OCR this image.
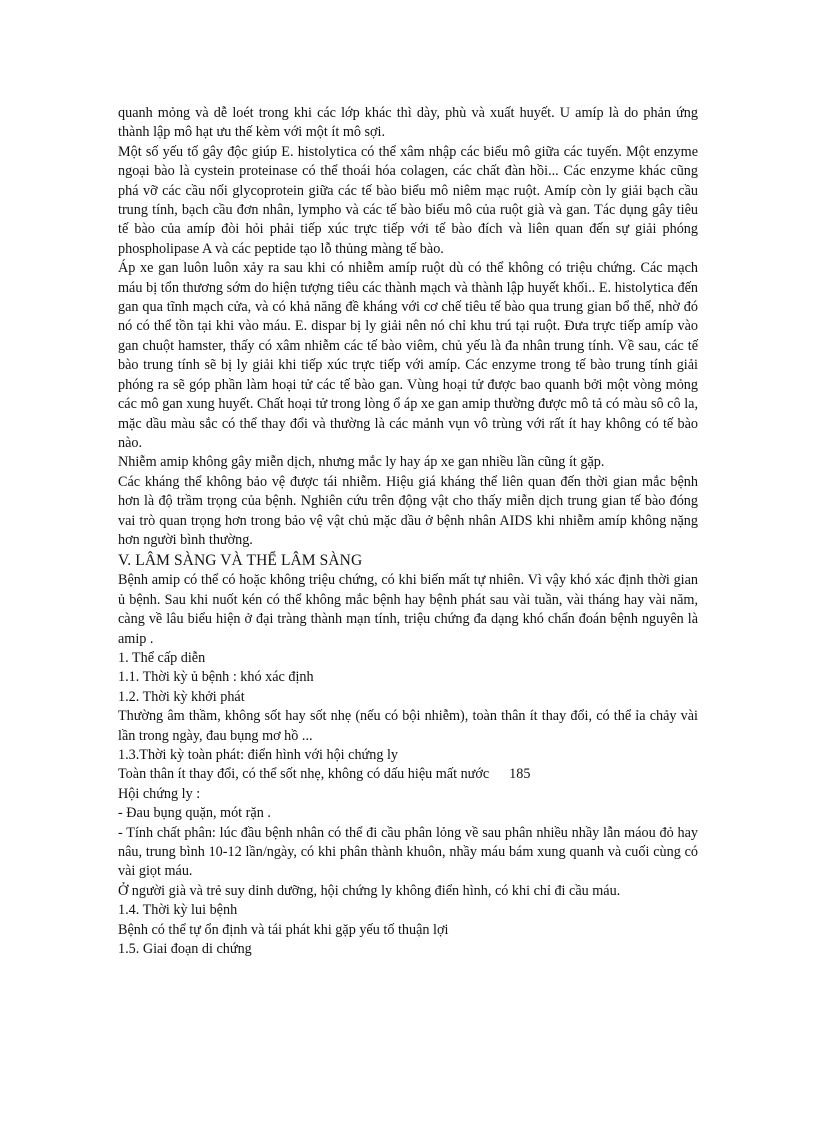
quanh mỏng và dễ loét trong khi các lớp khác thì dày, phù và xuất huyết. U amíp là do phản ứng thành lập mô hạt ưu thế kèm với một ít mô sợi.

Một số yếu tố gây độc giúp E. histolytica có thể xâm nhập các biểu mô giữa các tuyến. Một enzyme ngoại bào là cystein proteinase có thể thoái hóa colagen, các chất đàn hồi... Các enzyme khác cũng phá vỡ các cầu nối glycoprotein giữa các tế bào biểu mô niêm mạc ruột. Amíp còn ly giải bạch cầu trung tính, bạch cầu đơn nhân, lympho và các tế bào biểu mô của ruột già và gan. Tác dụng gây tiêu tế bào của amíp đòi hỏi phải tiếp xúc trực tiếp với tế bào đích và liên quan đến sự giải phóng phospholipase A và các peptide tạo lỗ thủng màng tế bào.

Áp xe gan luôn luôn xảy ra sau khi có nhiễm amíp ruột dù có thể không có triệu chứng. Các mạch máu bị tổn thương sớm do hiện tượng tiêu các thành mạch và thành lập huyết khối.. E. histolytica đến gan qua tĩnh mạch cửa, và có khả năng đề kháng với cơ chế tiêu tế bào qua trung gian bổ thể, nhờ đó nó có thể tồn tại khi vào máu. E. dispar bị ly giải nên nó chỉ khu trú tại ruột. Đưa trực tiếp amíp vào gan chuột hamster, thấy có xâm nhiễm các tế bào viêm, chủ yếu là đa nhân trung tính. Về sau, các tế bào trung tính sẽ bị ly giải khi tiếp xúc trực tiếp với amíp. Các enzyme trong tế bào trung tính giải phóng ra sẽ góp phần làm hoại tử các tế bào gan. Vùng hoại tử được bao quanh bởi một vòng mỏng các mô gan xung huyết. Chất hoại tử trong lòng ổ áp xe gan amip thường được mô tả có màu sô cô la, mặc dầu màu sắc có thể thay đổi và thường là các mảnh vụn vô trùng với rất ít hay không có tế bào nào.

Nhiễm amip không gây miễn dịch, nhưng mắc ly hay áp xe gan nhiều lần cũng ít gặp.

Các kháng thể không bảo vệ được tái nhiễm. Hiệu giá kháng thể liên quan đến thời gian mắc bệnh hơn là độ trầm trọng của bệnh. Nghiên cứu trên động vật cho thấy miễn dịch trung gian tế bào đóng vai trò quan trọng hơn trong bảo vệ vật chủ mặc dầu ở bệnh nhân AIDS khi nhiễm amíp không nặng hơn người bình thường.

V. LÂM SÀNG VÀ THỂ LÂM SÀNG

Bệnh amip có thể có hoặc không triệu chứng, có khi biến mất tự nhiên. Vì vậy khó xác định thời gian ủ bệnh. Sau khi nuốt kén có thể không mắc bệnh hay bệnh phát sau vài tuần, vài tháng hay vài năm, càng về lâu biểu hiện ở đại tràng thành mạn tính, triệu chứng đa dạng khó chẩn đoán bệnh nguyên là amip .

1. Thể cấp diễn

1.1. Thời kỳ ủ bệnh : khó xác định

1.2. Thời kỳ khởi phát

Thường âm thầm, không sốt hay sốt nhẹ (nếu có bội nhiễm), toàn thân ít thay đổi, có thể ỉa chảy vài lần trong ngày, đau bụng mơ hồ ...

1.3.Thời kỳ toàn phát: điển hình với hội chứng ly

Toàn thân ít thay đổi, có thể sốt nhẹ, không có dấu hiệu mất nước 185

Hội chứng ly :

- Đau bụng quặn, mót rặn .

- Tính chất phân: lúc đầu bệnh nhân có thể đi cầu phân lỏng về sau phân nhiều nhầy lẫn máou đỏ hay nâu, trung bình 10-12 lần/ngày, có khi phân thành khuôn, nhầy máu bám xung quanh và cuối cùng có vài giọt máu.

Ở người già và trẻ suy dinh dưỡng, hội chứng ly không điển hình, có khi chỉ đi cầu máu.

1.4. Thời kỳ lui bệnh

Bệnh có thể tự ổn định và tái phát khi gặp yếu tố thuận lợi

1.5. Giai đoạn di chứng
